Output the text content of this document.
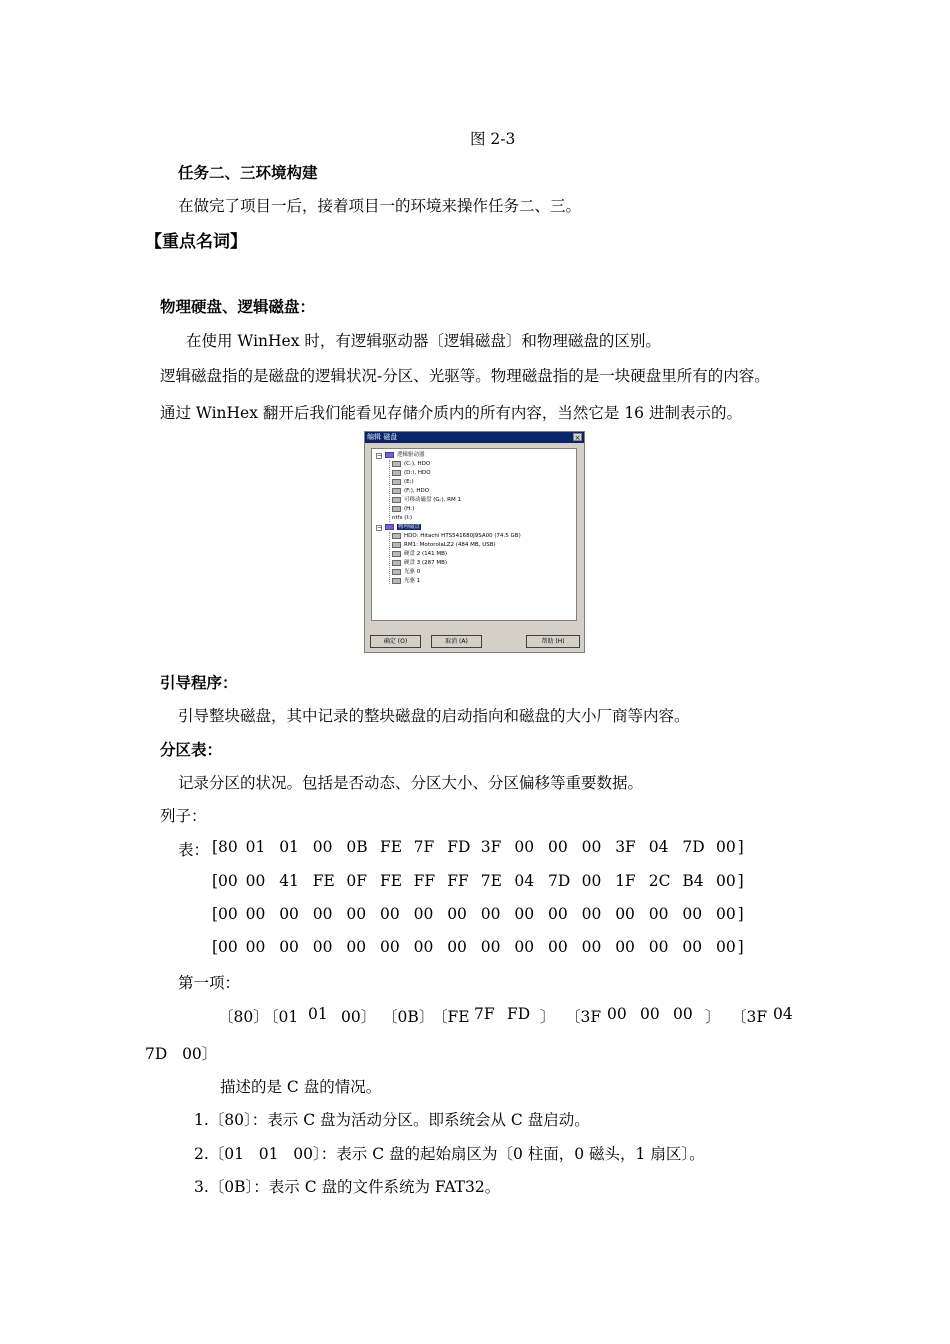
图 2-3
任务二、三环境构建
在做完了项目一后，接着项目一的环境来操作任务二、三。
【重点名词】
物理硬盘、逻辑磁盘：
在使用 WinHex 时，有逻辑驱动器〔逻辑磁盘〕和物理磁盘的区别。
逻辑磁盘指的是磁盘的逻辑状况-分区、光驱等。物理磁盘指的是一块硬盘里所有的内容。
通过 WinHex 翻开后我们能看见存储介质内的所有内容，当然它是 16 进制表示的。
编辑 磁盘	×
−	逻辑驱动器
(C:), HDO
(D:), HDO
(E:)
(F:), HDO
可移动磁盘 (G:), RM 1
(H:)
ntfs (I:)
−	物理磁盘
HDO: Hitachi HTS541680J9SA00 (74.5 GB)
RM1: MotorolaLZ2 (484 MB, USB)
硬盘 2 (141 MB)
硬盘 3 (287 MB)
光驱 0
光驱 1
确定 (O)	取消 (A)	帮助 (H)
引导程序：
引导整块磁盘，其中记录的整块磁盘的启动指向和磁盘的大小厂商等内容。
分区表：
记录分区的状况。包括是否动态、分区大小、分区偏移等重要数据。
列子：
表： [80 01 01 00 0B FE 7F FD 3F 00 00 00 3F 04 7D 00 ]
[00 00 41 FE 0F FE FF FF 7E 04 7D 00 1F 2C B4 00 ]
[00 00 00 00 00 00 00 00 00 00 00 00 00 00 00 00 ]
[00 00 00 00 00 00 00 00 00 00 00 00 00 00 00 00 ]
第一项：
〔80〕
〔01 01 00〕 〔0B〕
〔FE 7F FD 〕 〔3F 00 00 00 〕 〔3F 04
7D   00〕
描述的是 C 盘的情况。
1.〔80〕：表示 C 盘为活动分区。即系统会从 C 盘启动。
2.〔01   01   00〕：表示 C 盘的起始扇区为〔0 柱面，0 磁头，1 扇区〕。
3.〔0B〕：表示 C 盘的文件系统为 FAT32。
